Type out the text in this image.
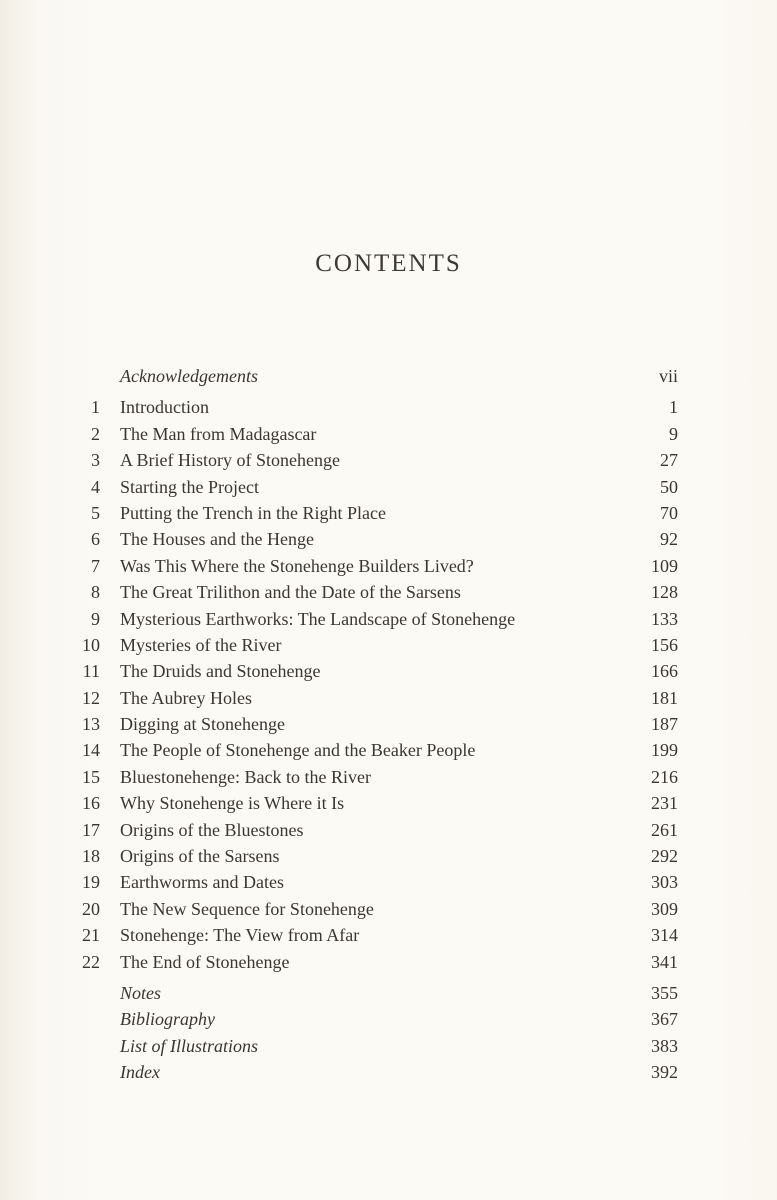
CONTENTS
Acknowledgements	vii
1 Introduction	1
2 The Man from Madagascar	9
3 A Brief History of Stonehenge	27
4 Starting the Project	50
5 Putting the Trench in the Right Place	70
6 The Houses and the Henge	92
7 Was This Where the Stonehenge Builders Lived?	109
8 The Great Trilithon and the Date of the Sarsens	128
9 Mysterious Earthworks: The Landscape of Stonehenge	133
10 Mysteries of the River	156
11 The Druids and Stonehenge	166
12 The Aubrey Holes	181
13 Digging at Stonehenge	187
14 The People of Stonehenge and the Beaker People	199
15 Bluestonehenge: Back to the River	216
16 Why Stonehenge is Where it Is	231
17 Origins of the Bluestones	261
18 Origins of the Sarsens	292
19 Earthworms and Dates	303
20 The New Sequence for Stonehenge	309
21 Stonehenge: The View from Afar	314
22 The End of Stonehenge	341
Notes	355
Bibliography	367
List of Illustrations	383
Index	392
